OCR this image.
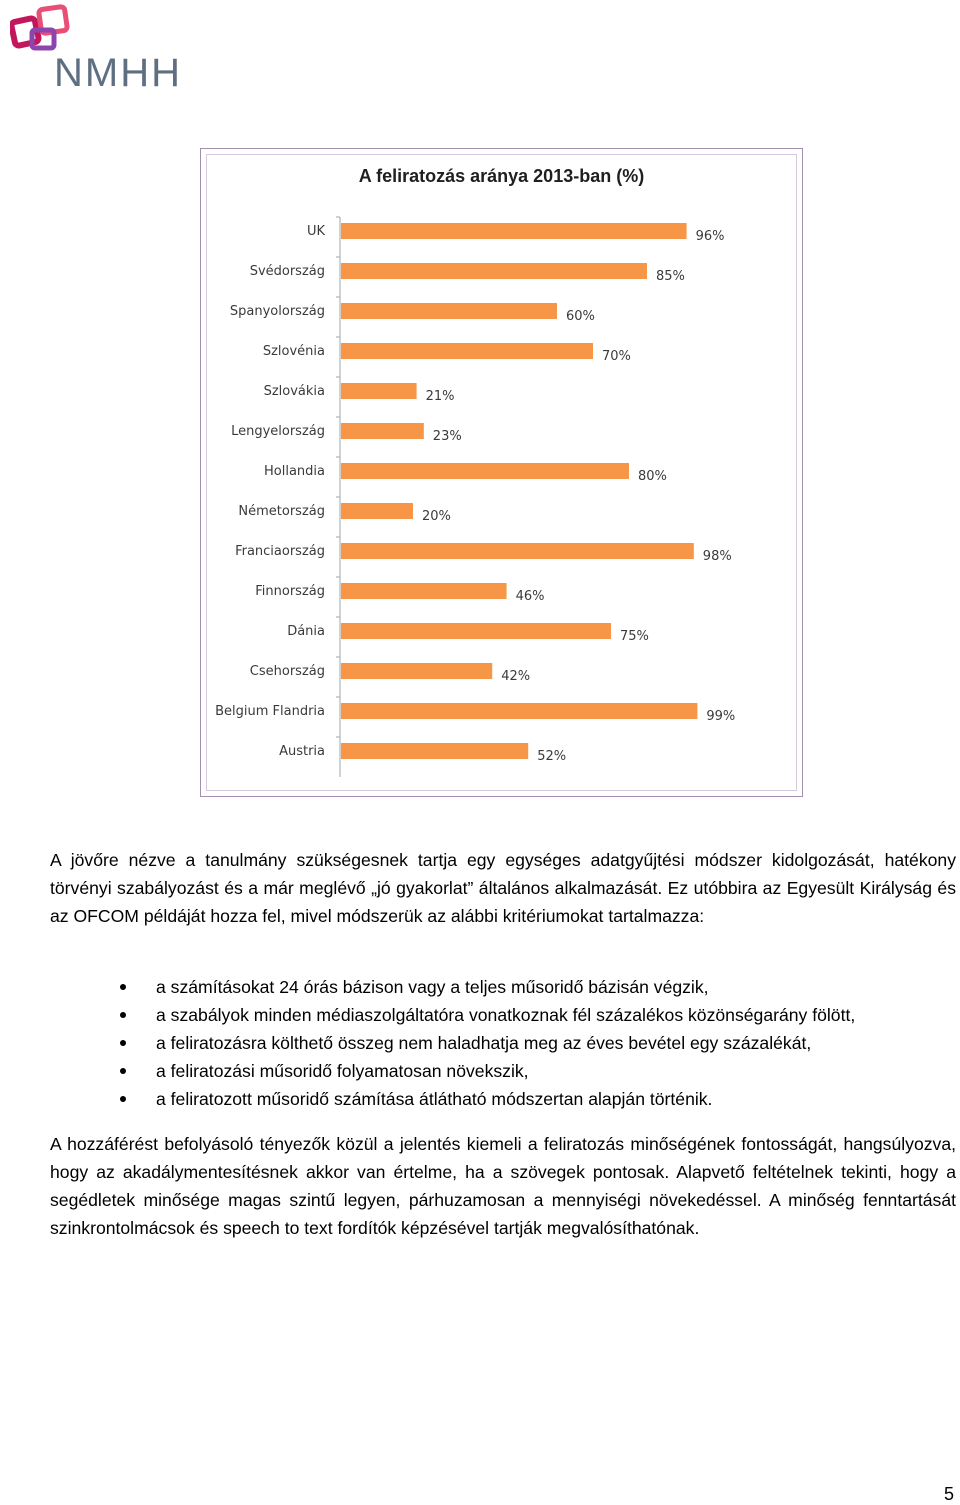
NMHH
A feliratozás aránya 2013-ban (%)
UK	96%
Svédország	85%
Spanyolország	60%
Szlovénia	70%
Szlovákia	21%
Lengyelország	23%
Hollandia	80%
Németország	20%
Franciaország	98%
Finnország	46%
Dánia	75%
Csehország	42%
Belgium Flandria	99%
Austria	52%

A jövőre nézve a tanulmány szükségesnek tartja egy egységes adatgyűjtési módszer kidolgozását, hatékony törvényi szabályozást és a már meglévő „jó gyakorlat” általános alkalmazását. Ez utóbbira az Egyesült Királyság és az OFCOM példáját hozza fel, mivel módszerük az alábbi kritériumokat tartalmazza:

a számításokat 24 órás bázison vagy a teljes műsoridő bázisán végzik,
a szabályok minden médiaszolgáltatóra vonatkoznak fél százalékos közönségarány fölött,
a feliratozásra költhető összeg nem haladhatja meg az éves bevétel egy százalékát,
a feliratozási műsoridő folyamatosan növekszik,
a feliratozott műsoridő számítása átlátható módszertan alapján történik.

A hozzáférést befolyásoló tényezők közül a jelentés kiemeli a feliratozás minőségének fontosságát, hangsúlyozva, hogy az akadálymentesítésnek akkor van értelme, ha a szövegek pontosak. Alapvető feltételnek tekinti, hogy a segédletek minősége magas szintű legyen, párhuzamosan a mennyiségi növekedéssel. A minőség fenntartását szinkrontolmácsok és speech to text fordítók képzésével tartják megvalósíthatónak.

5
